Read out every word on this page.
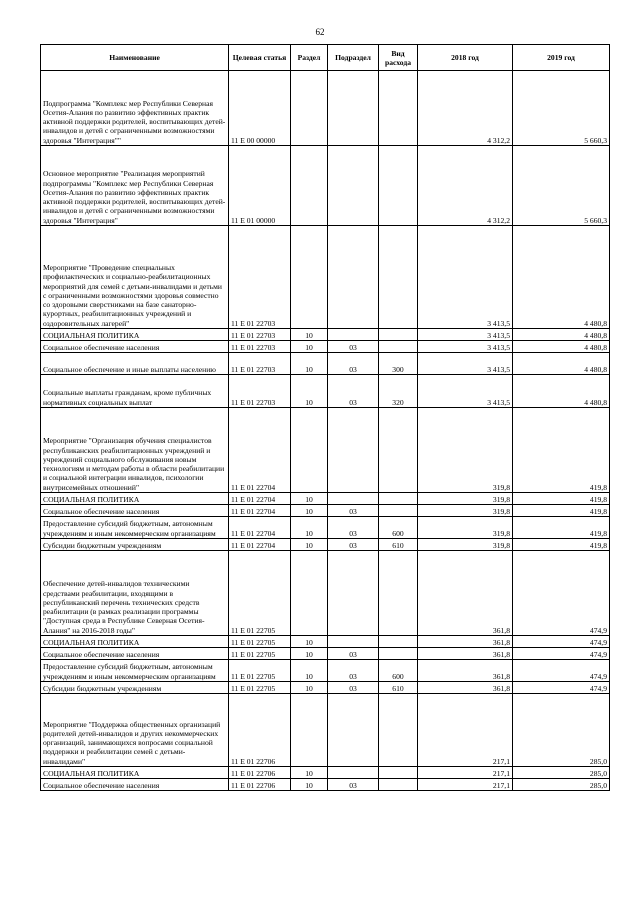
62
Наименование	Целевая статья	Раздел	Подраздел	Вид расхода	2018 год	2019 год
Подпрограмма "Комплекс мер Республики Северная Осетия-Алания по развитию эффективных практик активной поддержки родителей, воспитывающих детей-инвалидов и детей с ограниченными возможностями здоровья "Интеграция""	11 Е 00 00000				4 312,2	5 660,3
Основное мероприятие "Реализация мероприятий подпрограммы "Комплекс мер Республики Северная Осетия-Алания по развитию эффективных практик активной поддержки родителей, воспитывающих детей-инвалидов и детей с ограниченными возможностями здоровья "Интеграция"	11 Е 01 00000				4 312,2	5 660,3
Мероприятие "Проведение специальных профилактических и социально-реабилитационных мероприятий для семей с детьми-инвалидами и детьми с ограниченными возможностями здоровья совместно со здоровыми сверстниками на базе санаторно-курортных, реабилитационных учреждений и оздоровительных лагерей"	11 Е 01 22703				3 413,5	4 480,8
СОЦИАЛЬНАЯ ПОЛИТИКА	11 Е 01 22703	10			3 413,5	4 480,8
Социальное обеспечение населения	11 Е 01 22703	10	03		3 413,5	4 480,8
Социальное обеспечение и иные выплаты населению	11 Е 01 22703	10	03	300	3 413,5	4 480,8
Социальные выплаты гражданам, кроме публичных нормативных социальных выплат	11 Е 01 22703	10	03	320	3 413,5	4 480,8
Мероприятие "Организация обучения специалистов республиканских реабилитационных учреждений и учреждений социального обслуживания новым технологиям и методам работы в области реабилитации и социальной интеграции инвалидов, психологии внутрисемейных отношений"	11 Е 01 22704				319,8	419,8
СОЦИАЛЬНАЯ ПОЛИТИКА	11 Е 01 22704	10			319,8	419,8
Социальное обеспечение населения	11 Е 01 22704	10	03		319,8	419,8
Предоставление субсидий бюджетным, автономным учреждениям и иным некоммерческим организациям	11 Е 01 22704	10	03	600	319,8	419,8
Субсидии бюджетным учреждениям	11 Е 01 22704	10	03	610	319,8	419,8
Обеспечение детей-инвалидов техническими средствами реабилитации, входящими в республиканский перечень технических средств реабилитации (в рамках реализации программы "Доступная среда в Республике Северная Осетия-Алания" на 2016-2018 годы"	11 Е 01 22705				361,8	474,9
СОЦИАЛЬНАЯ ПОЛИТИКА	11 Е 01 22705	10			361,8	474,9
Социальное обеспечение населения	11 Е 01 22705	10	03		361,8	474,9
Предоставление субсидий бюджетным, автономным учреждениям и иным некоммерческим организациям	11 Е 01 22705	10	03	600	361,8	474,9
Субсидии бюджетным учреждениям	11 Е 01 22705	10	03	610	361,8	474,9
Мероприятие "Поддержка общественных организаций родителей детей-инвалидов и других некоммерческих организаций, занимающихся вопросами социальной поддержки и реабилитации семей с детьми-инвалидами"	11 Е 01 22706				217,1	285,0
СОЦИАЛЬНАЯ ПОЛИТИКА	11 Е 01 22706	10			217,1	285,0
Социальное обеспечение населения	11 Е 01 22706	10	03		217,1	285,0
